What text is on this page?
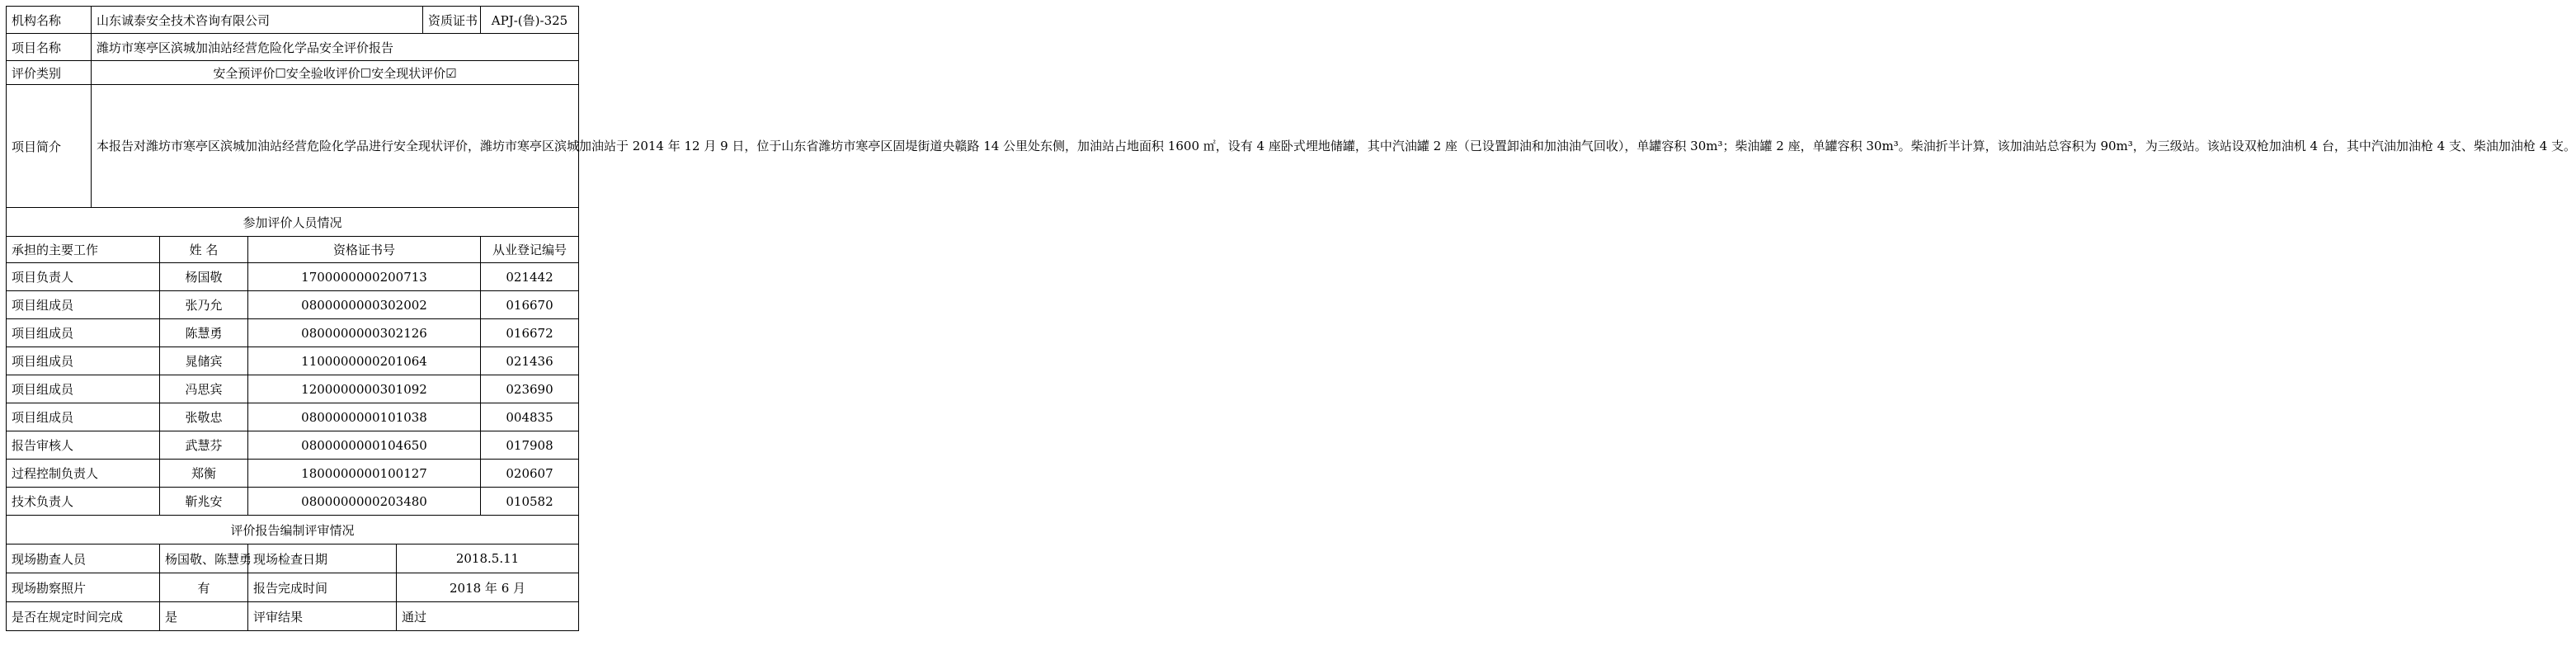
机构名称	山东诚泰安全技术咨询有限公司				资质证书	APJ-(鲁)-325
项目名称	潍坊市寒亭区滨城加油站经营危险化学品安全评价报告					
评价类别	安全预评价☐安全验收评价☐安全现状评价☑					
项目简介	本报告对潍坊市寒亭区滨城加油站经营危险化学品进行安全现状评价，潍坊市寒亭区滨城加油站于 2014 年 12 月 9 日，位于山东省潍坊市寒亭区固堤街道央赣路 14 公里处东侧，加油站占地面积 1600 ㎡，设有 4 座卧式埋地储罐，其中汽油罐 2 座（已设置卸油和加油油气回收），单罐容积 30m³；柴油罐 2 座，单罐容积 30m³。柴油折半计算，该加油站总容积为 90m³，为三级站。该站设双枪加油机 4 台，其中汽油加油枪 4 支、柴油加油枪 4 支。					
参加评价人员情况						
承担的主要工作		姓 名	资格证书号			从业登记编号
项目负责人		杨国敬	1700000000200713			021442
项目组成员		张乃允	0800000000302002			016670
项目组成员		陈慧勇	0800000000302126			016672
项目组成员		晁储宾	1100000000201064			021436
项目组成员		冯思宾	1200000000301092			023690
项目组成员		张敬忠	0800000000101038			004835
报告审核人		武慧芬	0800000000104650			017908
过程控制负责人		郑衡	1800000000100127			020607
技术负责人		靳兆安	0800000000203480			010582
评价报告编制评审情况						
现场勘查人员		杨国敬、陈慧勇	现场检查日期	2018.5.11		
现场勘察照片		有	报告完成时间	2018 年 6 月		
是否在规定时间完成		是	评审结果	通过		
